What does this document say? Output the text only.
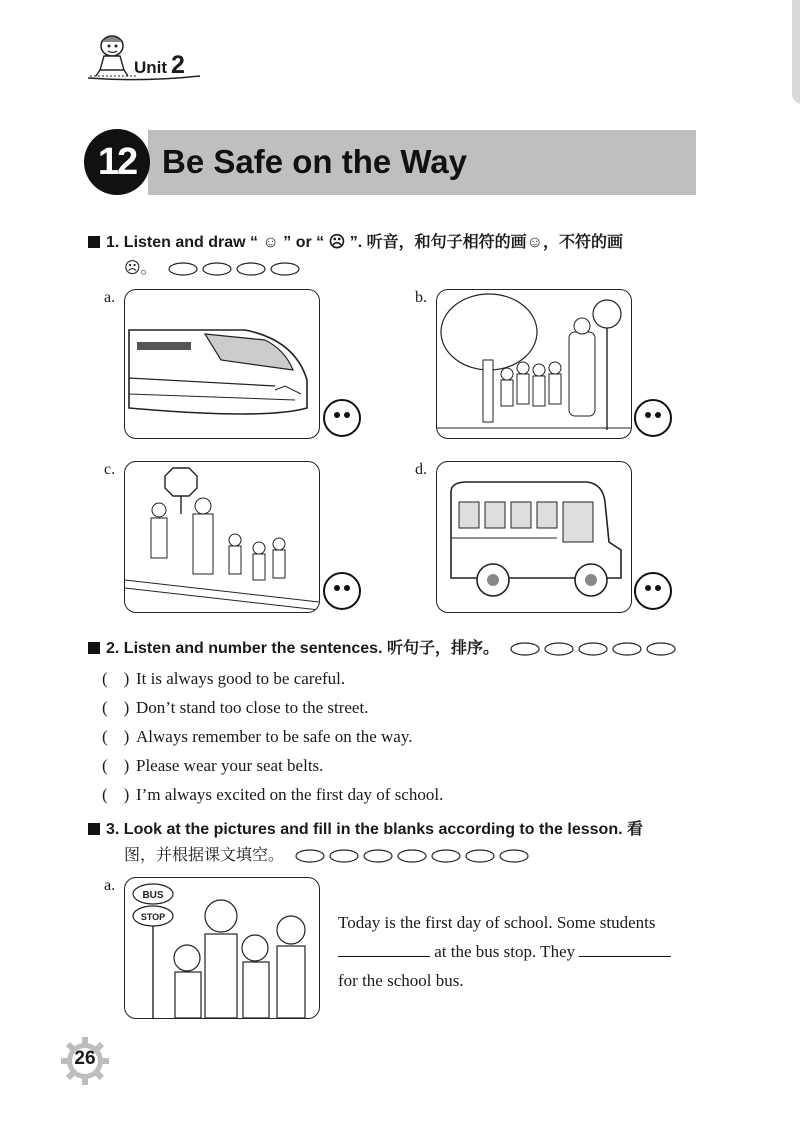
Unit 2
12 Be Safe on the Way
1. Listen and draw “ ☺ ” or “ ☹ ”. 听音，和句子相符的画☺，不符的画
☹。
a.	b.
c.	d.
2. Listen and number the sentences. 听句子，排序。
( ) It is always good to be careful.
( ) Don’t stand too close to the street.
( ) Always remember to be safe on the way.
( ) Please wear your seat belts.
( ) I’m always excited on the first day of school.
3. Look at the pictures and fill in the blanks according to the lesson. 看
图，并根据课文填空。
a.
BUS
STOP	Today is the first day of school. Some students
at the bus stop. They
for the school bus.
26
